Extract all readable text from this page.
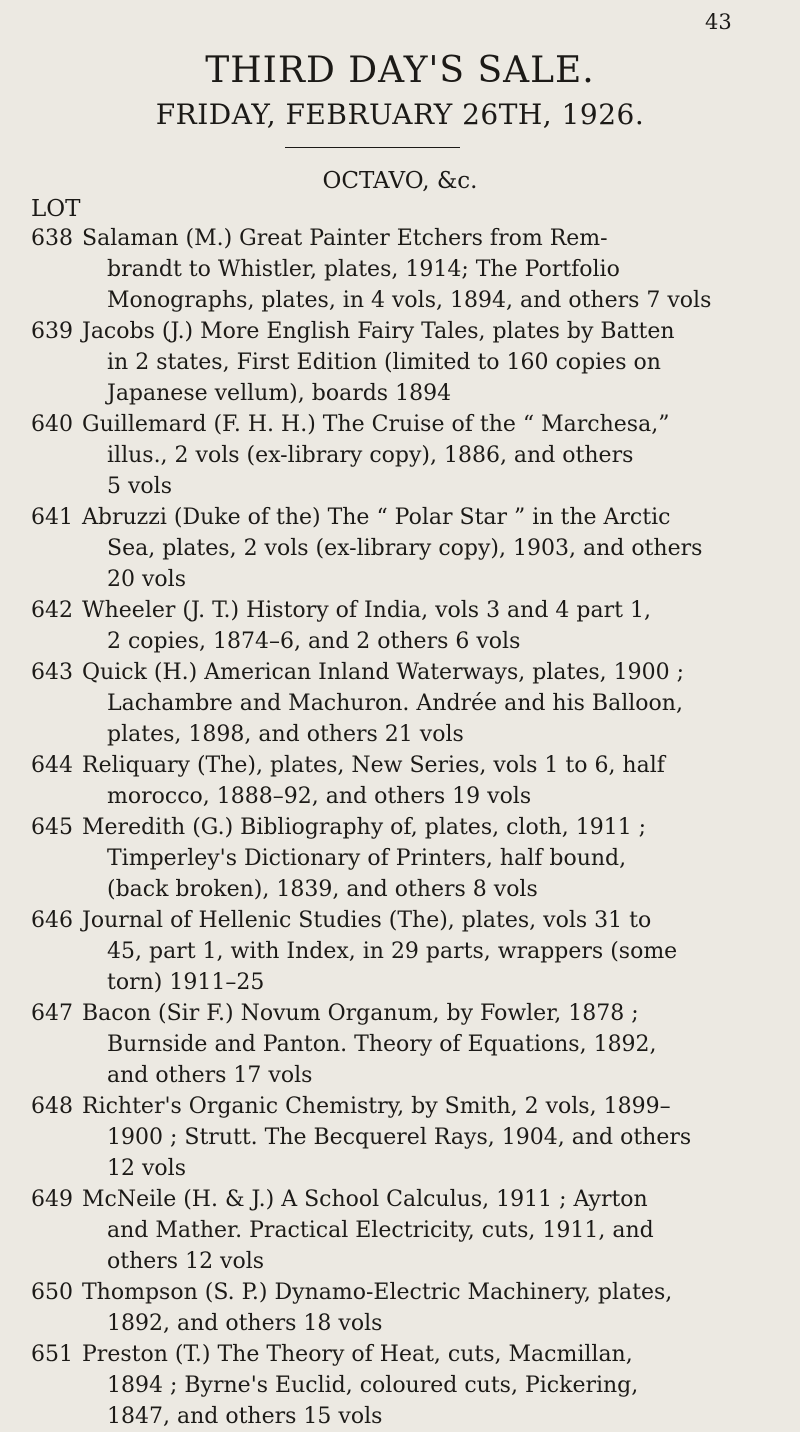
43
THIRD DAY'S SALE.
FRIDAY, FEBRUARY 26TH, 1926.
OCTAVO, &c.
LOT
638 Salaman (M.) Great Painter Etchers from Rem-
brandt to Whistler, plates, 1914; The Portfolio
Monographs, plates, in 4 vols, 1894, and others 7 vols
639 Jacobs (J.) More English Fairy Tales, plates by Batten
in 2 states, First Edition (limited to 160 copies on
Japanese vellum), boards 1894
640 Guillemard (F. H. H.) The Cruise of the “ Marchesa,”
illus., 2 vols (ex-library copy), 1886, and others
5 vols
641 Abruzzi (Duke of the) The “ Polar Star ” in the Arctic
Sea, plates, 2 vols (ex-library copy), 1903, and others
20 vols
642 Wheeler (J. T.) History of India, vols 3 and 4 part 1,
2 copies, 1874–6, and 2 others 6 vols
643 Quick (H.) American Inland Waterways, plates, 1900 ;
Lachambre and Machuron. Andrée and his Balloon,
plates, 1898, and others 21 vols
644 Reliquary (The), plates, New Series, vols 1 to 6, half
morocco, 1888–92, and others 19 vols
645 Meredith (G.) Bibliography of, plates, cloth, 1911 ;
Timperley's Dictionary of Printers, half bound,
(back broken), 1839, and others 8 vols
646 Journal of Hellenic Studies (The), plates, vols 31 to
45, part 1, with Index, in 29 parts, wrappers (some
torn) 1911–25
647 Bacon (Sir F.) Novum Organum, by Fowler, 1878 ;
Burnside and Panton. Theory of Equations, 1892,
and others 17 vols
648 Richter's Organic Chemistry, by Smith, 2 vols, 1899–
1900 ; Strutt. The Becquerel Rays, 1904, and others
12 vols
649 McNeile (H. & J.) A School Calculus, 1911 ; Ayrton
and Mather. Practical Electricity, cuts, 1911, and
others 12 vols
650 Thompson (S. P.) Dynamo-Electric Machinery, plates,
1892, and others 18 vols
651 Preston (T.) The Theory of Heat, cuts, Macmillan,
1894 ; Byrne's Euclid, coloured cuts, Pickering,
1847, and others 15 vols
